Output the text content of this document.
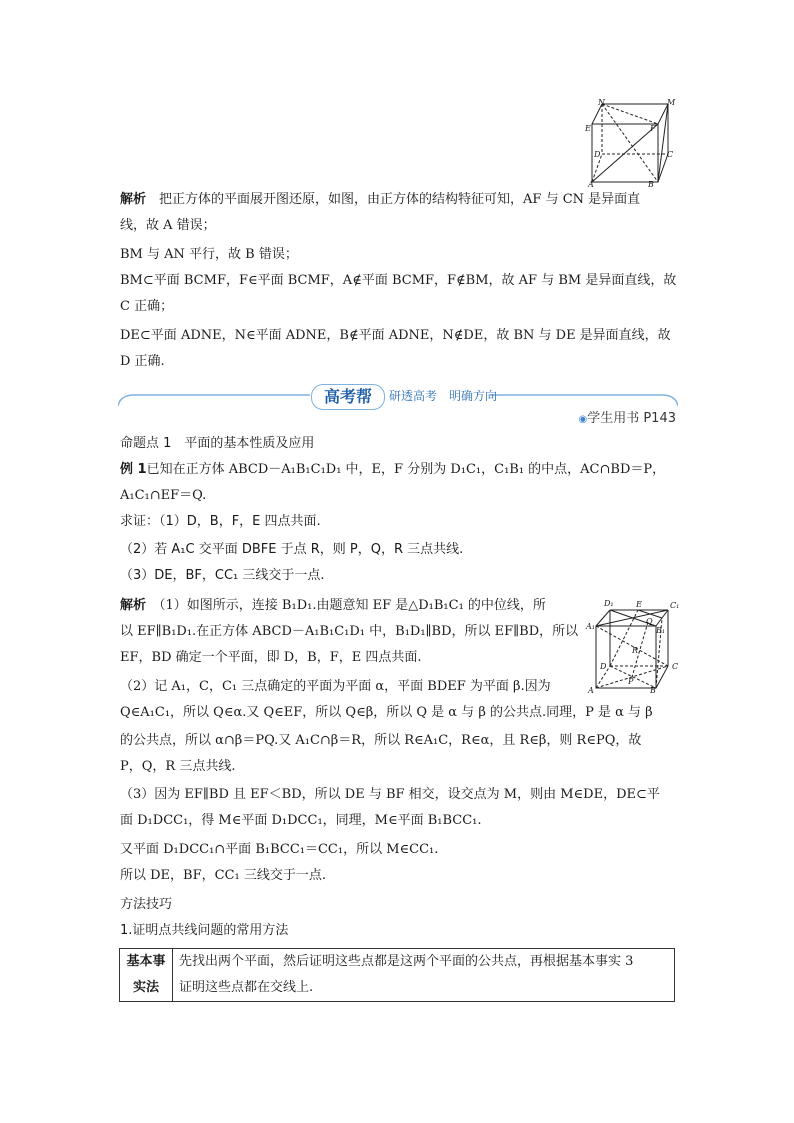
N	M
E	F
D	C
A	B
解析　 把正方体的平面展开图还原，如图，由正方体的结构特征可知，AF 与 CN 是异面直
线，故 A 错误；
BM 与 AN 平行，故 B 错误；
BM⊂平面 BCMF，F∈平面 BCMF，A∉平面 BCMF，F∉BM，故 AF 与 BM 是异面直线，故
C 正确；
DE⊂平面 ADNE，N∈平面 ADNE，B∉平面 ADNE，N∉DE，故 BN 与 DE 是异面直线，故
D 正确.
高考帮	研透高考　明确方向
◉学生用书 P143
命题点 1　平面的基本性质及应用
例 1已知在正方体 ABCD－A₁B₁C₁D₁ 中，E，F 分别为 D₁C₁，C₁B₁ 的中点，AC∩BD＝P，
A₁C₁∩EF＝Q.
求证：（1）D，B，F，E 四点共面.
（2）若 A₁C 交平面 DBFE 于点 R，则 P，Q，R 三点共线.
（3）DE，BF，CC₁ 三线交于一点.
D₁	E	C₁
A₁
Q
B₁
R
D
P
C
A	B
解析　 （1）如图所示，连接 B₁D₁.由题意知 EF 是△D₁B₁C₁ 的中位线，所
以 EF∥B₁D₁.在正方体 ABCD－A₁B₁C₁D₁ 中，B₁D₁∥BD，所以 EF∥BD，所以
EF，BD 确定一个平面，即 D，B，F，E 四点共面.
（2）记 A₁，C，C₁ 三点确定的平面为平面 α，平面 BDEF 为平面 β.因为
Q∈A₁C₁，所以 Q∈α.又 Q∈EF，所以 Q∈β，所以 Q 是 α 与 β 的公共点.同理，P 是 α 与 β
的公共点，所以 α∩β＝PQ.又 A₁C∩β＝R，所以 R∈A₁C，R∈α，且 R∈β，则 R∈PQ，故
P，Q，R 三点共线.
（3）因为 EF∥BD 且 EF＜BD，所以 DE 与 BF 相交，设交点为 M，则由 M∈DE，DE⊂平
面 D₁DCC₁，得 M∈平面 D₁DCC₁，同理，M∈平面 B₁BCC₁.
又平面 D₁DCC₁∩平面 B₁BCC₁＝CC₁，所以 M∈CC₁.
所以 DE，BF，CC₁ 三线交于一点.
方法技巧
1.证明点共线问题的常用方法
基本事
实法

先找出两个平面，然后证明这些点都是这两个平面的公共点，再根据基本事实 3
证明这些点都在交线上.
